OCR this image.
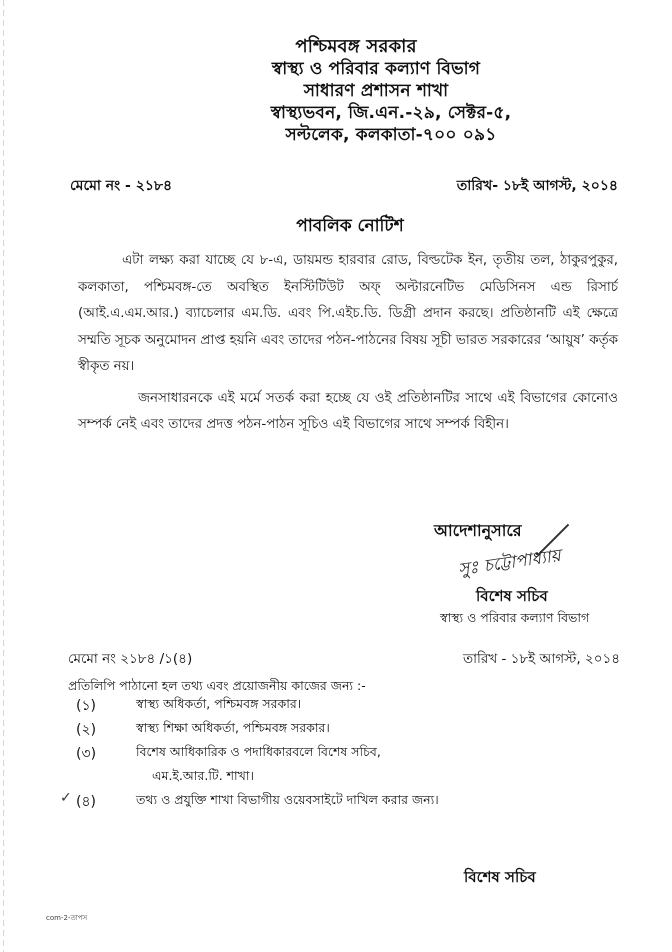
পশ্চিমবঙ্গ সরকার
স্বাস্থ্য ও পরিবার কল্যাণ বিভাগ
সাধারণ প্রশাসন শাখা
স্বাস্থ্যভবন, জি.এন.-২৯, সেক্টর-৫,
সল্টলেক, কলকাতা-৭০০ ০৯১
মেমো নং - ২১৮৪	তারিখ- ১৮ই আগস্ট, ২০১৪
পাবলিক নোটিশ

এটা লক্ষ্য করা যাচ্ছে যে ৮-এ, ডায়মন্ড হারবার রোড, বিল্ডটেক ইন, তৃতীয় তল, ঠাকুরপুকুর, কলকাতা, পশ্চিমবঙ্গ-তে অবস্থিত ইনস্টিটিউট অফ্ অল্টারনেটিভ মেডিসিনস এন্ড রিসার্চ (আই.এ.এম.আর.) ব্যাচেলার এম.ডি. এবং পি.এইচ.ডি. ডিগ্রী প্রদান করছে। প্রতিষ্ঠানটি এই ক্ষেত্রে সম্মতি সূচক অনুমোদন প্রাপ্ত হয়নি এবং তাদের পঠন-পাঠনের বিষয় সূচী ভারত সরকারের ‘আয়ুষ’ কর্তৃক স্বীকৃত নয়।

জনসাধারনকে এই মর্মে সতর্ক করা হচ্ছে যে ওই প্রতিষ্ঠানটির সাথে এই বিভাগের কোনোও সম্পর্ক নেই এবং তাদের প্রদত্ত পঠন-পাঠন সূচিও এই বিভাগের সাথে সম্পর্ক বিহীন।

আদেশানুসারে
সুঃ চট্টোপাধ্যায়
বিশেষ সচিব
স্বাস্থ্য ও পরিবার কল্যাণ বিভাগ
মেমো নং ২১৮৪ /১(৪)	তারিখ - ১৮ই আগস্ট, ২০১৪
প্রতিলিপি পাঠানো হল তথ্য এবং প্রয়োজনীয় কাজের জন্য :-
(১)	স্বাস্থ্য অধিকর্তা, পশ্চিমবঙ্গ সরকার।
(২)	স্বাস্থ্য শিক্ষা অধিকর্তা, পশ্চিমবঙ্গ সরকার।
(৩)	বিশেষ আধিকারিক ও পদাধিকারবলে বিশেষ সচিব,
এম.ই.আর.টি. শাখা।
✓ (৪)	তথ্য ও প্রযুক্তি শাখা বিভাগীয় ওয়েবসাইটে দাখিল করার জন্য।
বিশেষ সচিব
com-2-তাপস
